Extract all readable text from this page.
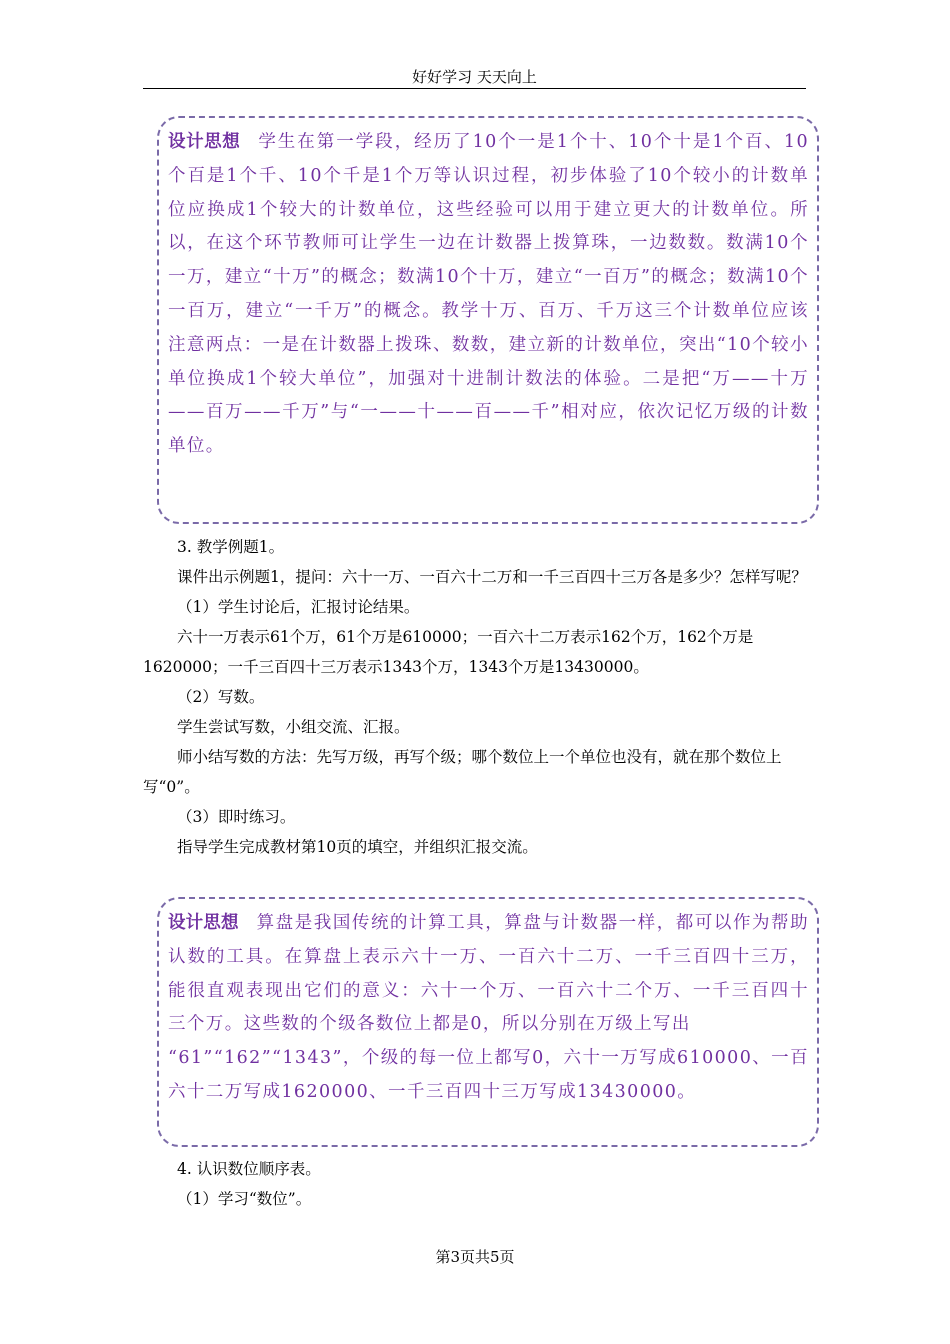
好好学习 天天向上

设计思想 学生在第一学段，经历了10个一是1个十、10个十是1个百、10个百是1个千、10个千是1个万等认识过程，初步体验了10个较小的计数单位应换成1个较大的计数单位，这些经验可以用于建立更大的计数单位。所以，在这个环节教师可让学生一边在计数器上拨算珠，一边数数。数满10个一万，建立“十万”的概念；数满10个十万，建立“一百万”的概念；数满10个一百万，建立“一千万”的概念。教学十万、百万、千万这三个计数单位应该注意两点：一是在计数器上拨珠、数数，建立新的计数单位，突出“10个较小单位换成1个较大单位”，加强对十进制计数法的体验。二是把“万——十万——百万——千万”与“一——十——百——千”相对应，依次记忆万级的计数单位。

3. 教学例题1。

课件出示例题1，提问：六十一万、一百六十二万和一千三百四十三万各是多少？怎样写呢？

（1）学生讨论后，汇报讨论结果。

六十一万表示61个万，61个万是610000；一百六十二万表示162个万，162个万是1620000；一千三百四十三万表示1343个万，1343个万是13430000。

（2）写数。

学生尝试写数，小组交流、汇报。

师小结写数的方法：先写万级，再写个级；哪个数位上一个单位也没有，就在那个数位上写“0”。

（3）即时练习。

指导学生完成教材第10页的填空，并组织汇报交流。

设计思想 算盘是我国传统的计算工具，算盘与计数器一样，都可以作为帮助认数的工具。在算盘上表示六十一万、一百六十二万、一千三百四十三万，能很直观表现出它们的意义：六十一个万、一百六十二个万、一千三百四十三个万。这些数的个级各数位上都是0，所以分别在万级上写出

“61”“162”“1343”，个级的每一位上都写0，六十一万写成610000、一百六十二万写成1620000、一千三百四十三万写成13430000。

4. 认识数位顺序表。

（1）学习“数位”。

第3页共5页
